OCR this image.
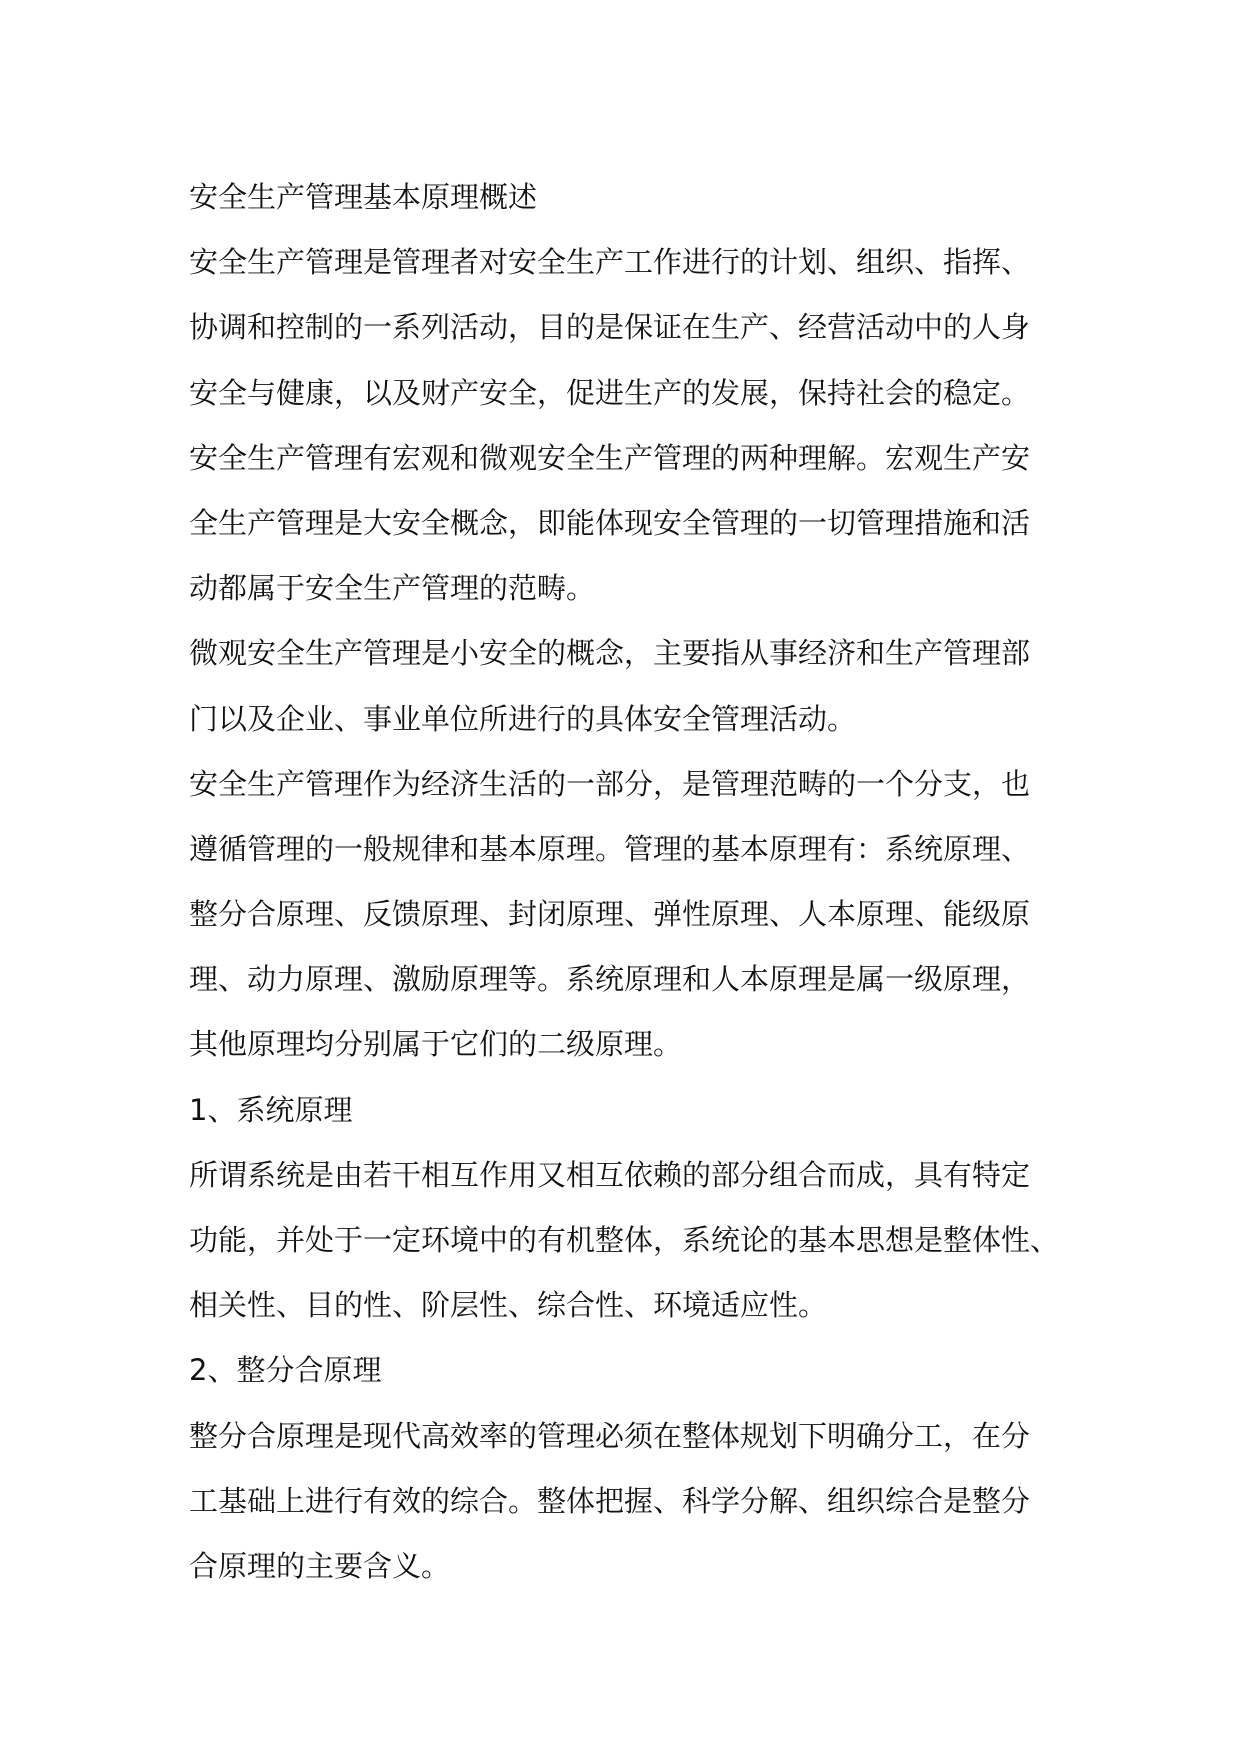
安全生产管理基本原理概述

安全生产管理是管理者对安全生产工作进行的计划、组织、指挥、

协调和控制的一系列活动，目的是保证在生产、经营活动中的人身

安全与健康，以及财产安全，促进生产的发展，保持社会的稳定。

安全生产管理有宏观和微观安全生产管理的两种理解。宏观生产安

全生产管理是大安全概念，即能体现安全管理的一切管理措施和活

动都属于安全生产管理的范畴。

微观安全生产管理是小安全的概念，主要指从事经济和生产管理部

门以及企业、事业单位所进行的具体安全管理活动。

安全生产管理作为经济生活的一部分，是管理范畴的一个分支，也

遵循管理的一般规律和基本原理。管理的基本原理有：系统原理、

整分合原理、反馈原理、封闭原理、弹性原理、人本原理、能级原

理、动力原理、激励原理等。系统原理和人本原理是属一级原理，

其他原理均分别属于它们的二级原理。

1、系统原理

所谓系统是由若干相互作用又相互依赖的部分组合而成，具有特定

功能，并处于一定环境中的有机整体，系统论的基本思想是整体性、

相关性、目的性、阶层性、综合性、环境适应性。

2、整分合原理

整分合原理是现代高效率的管理必须在整体规划下明确分工，在分

工基础上进行有效的综合。整体把握、科学分解、组织综合是整分

合原理的主要含义。
